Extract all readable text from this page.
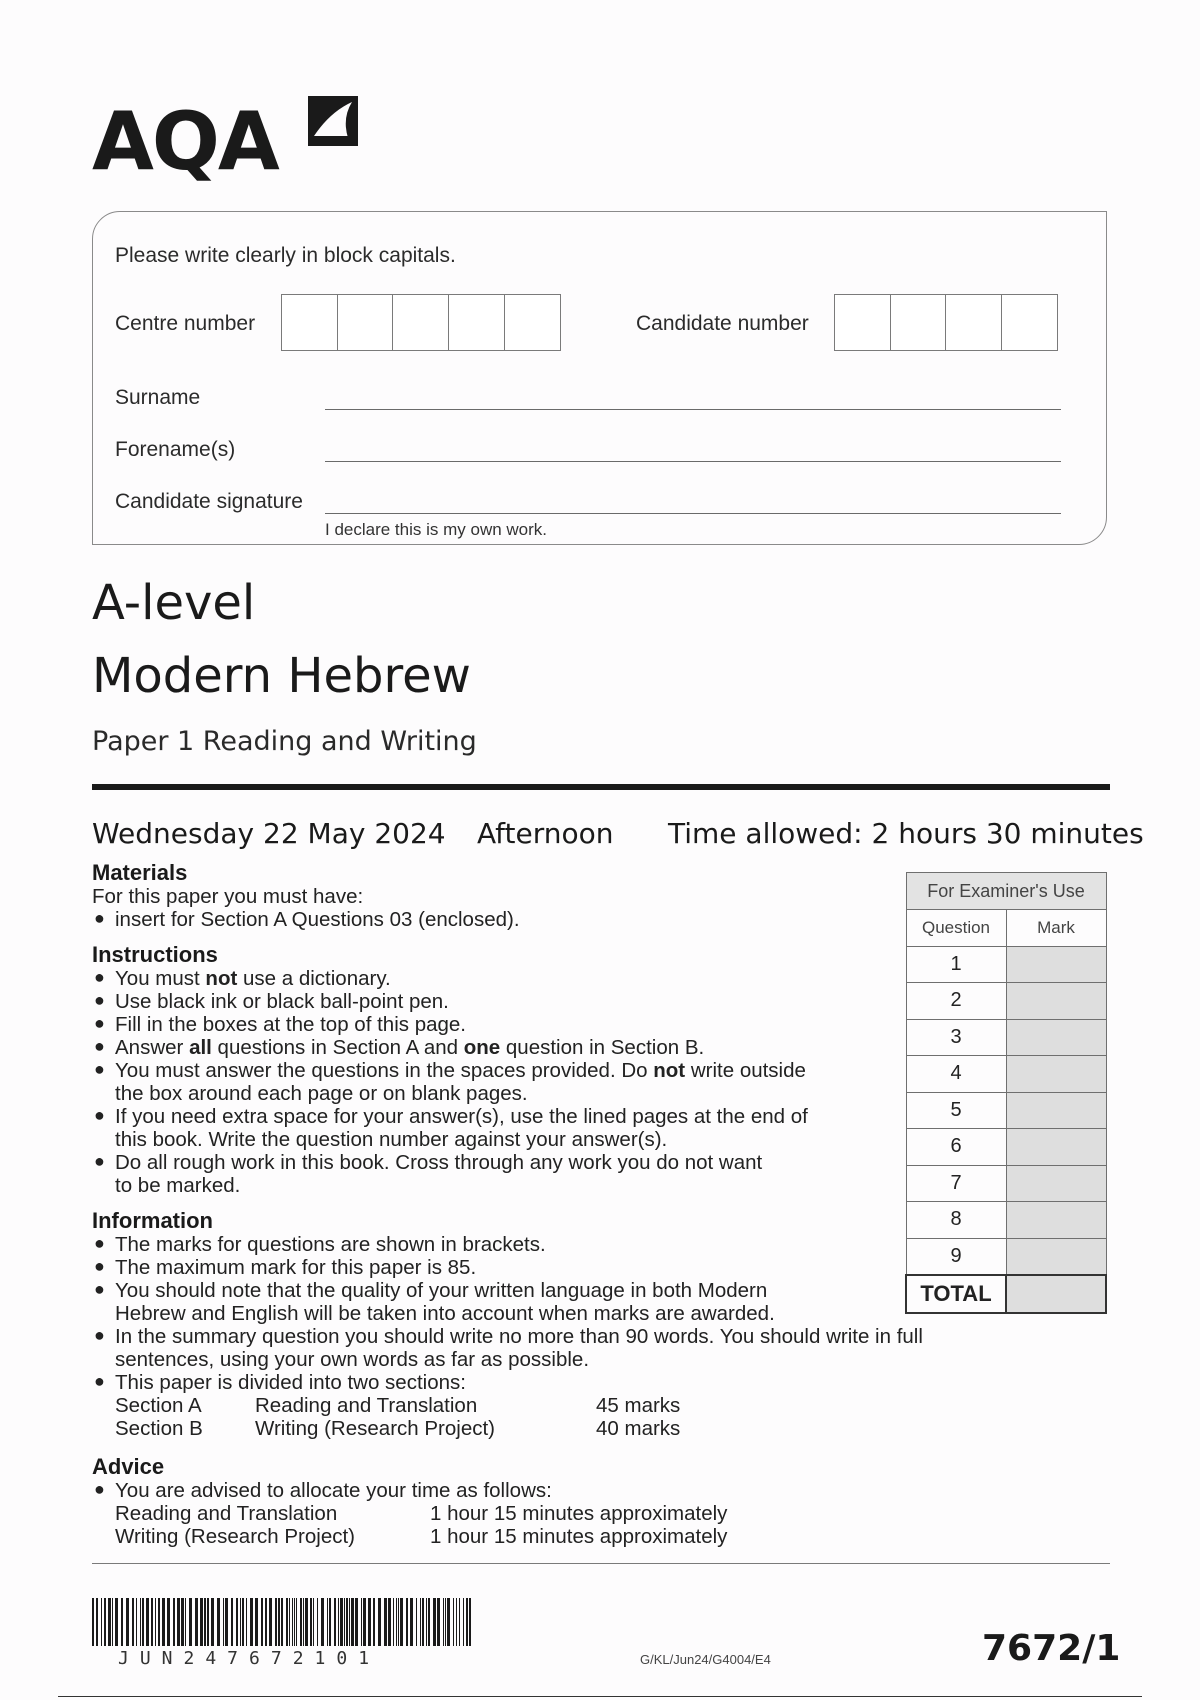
AQA
Please write clearly in block capitals.
Centre number	Candidate number
Surname
Forename(s)
Candidate signature
I declare this is my own work.
A-level
Modern Hebrew
Paper 1 Reading and Writing
Wednesday 22 May 2024 Afternoon Time allowed: 2 hours 30 minutes
Materials
For this paper you must have:
● insert for Section A Questions 03 (enclosed).
Instructions
● You must not use a dictionary.
● Use black ink or black ball-point pen.
● Fill in the boxes at the top of this page.
● Answer all questions in Section A and one question in Section B.
● You must answer the questions in the spaces provided. Do not write outside
the box around each page or on blank pages.
● If you need extra space for your answer(s), use the lined pages at the end of
this book. Write the question number against your answer(s).
● Do all rough work in this book. Cross through any work you do not want
to be marked.
Information
● The marks for questions are shown in brackets.
● The maximum mark for this paper is 85.
● You should note that the quality of your written language in both Modern
Hebrew and English will be taken into account when marks are awarded.
● In the summary question you should write no more than 90 words. You should write in full
sentences, using your own words as far as possible.
● This paper is divided into two sections:
Section A	Reading and Translation	45 marks
Section B	Writing (Research Project)	40 marks
Advice
● You are advised to allocate your time as follows:
Reading and Translation	1 hour 15 minutes approximately
Writing (Research Project)	1 hour 15 minutes approximately
For Examiner's Use	
Question	Mark
1	
2	
3	
4	
5	
6	
7	
8	
9	
TOTAL	
JUN247672101	G/KL/Jun24/G4004/E4	7672/1
